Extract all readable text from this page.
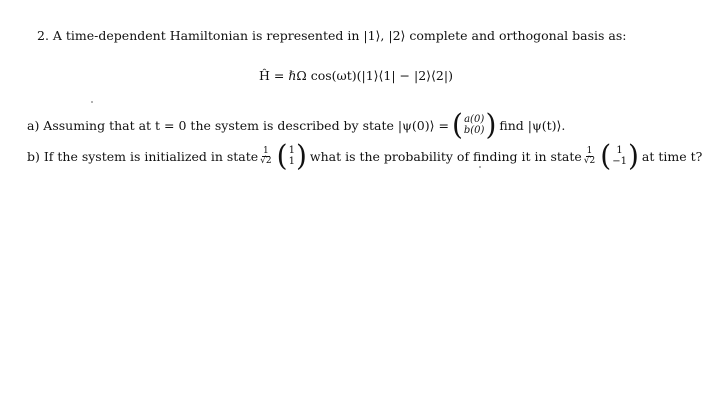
2. A time-dependent Hamiltonian is represented in |1⟩, |2⟩ complete and orthogonal basis as:
Ĥ = ℏΩ cos(ωt)(|1⟩⟨1| − |2⟩⟨2|)
a) Assuming that at t = 0 the system is described by state |ψ(0)⟩ = ( a(0)
b(0) ) find |ψ(t)⟩.
b) If the system is initialized in state $\frac{1}{√2}$ ( 1
1 ) what is the probability of finding it in state $\frac{1}{√2}$ ( 1
−1 ) at time t?
